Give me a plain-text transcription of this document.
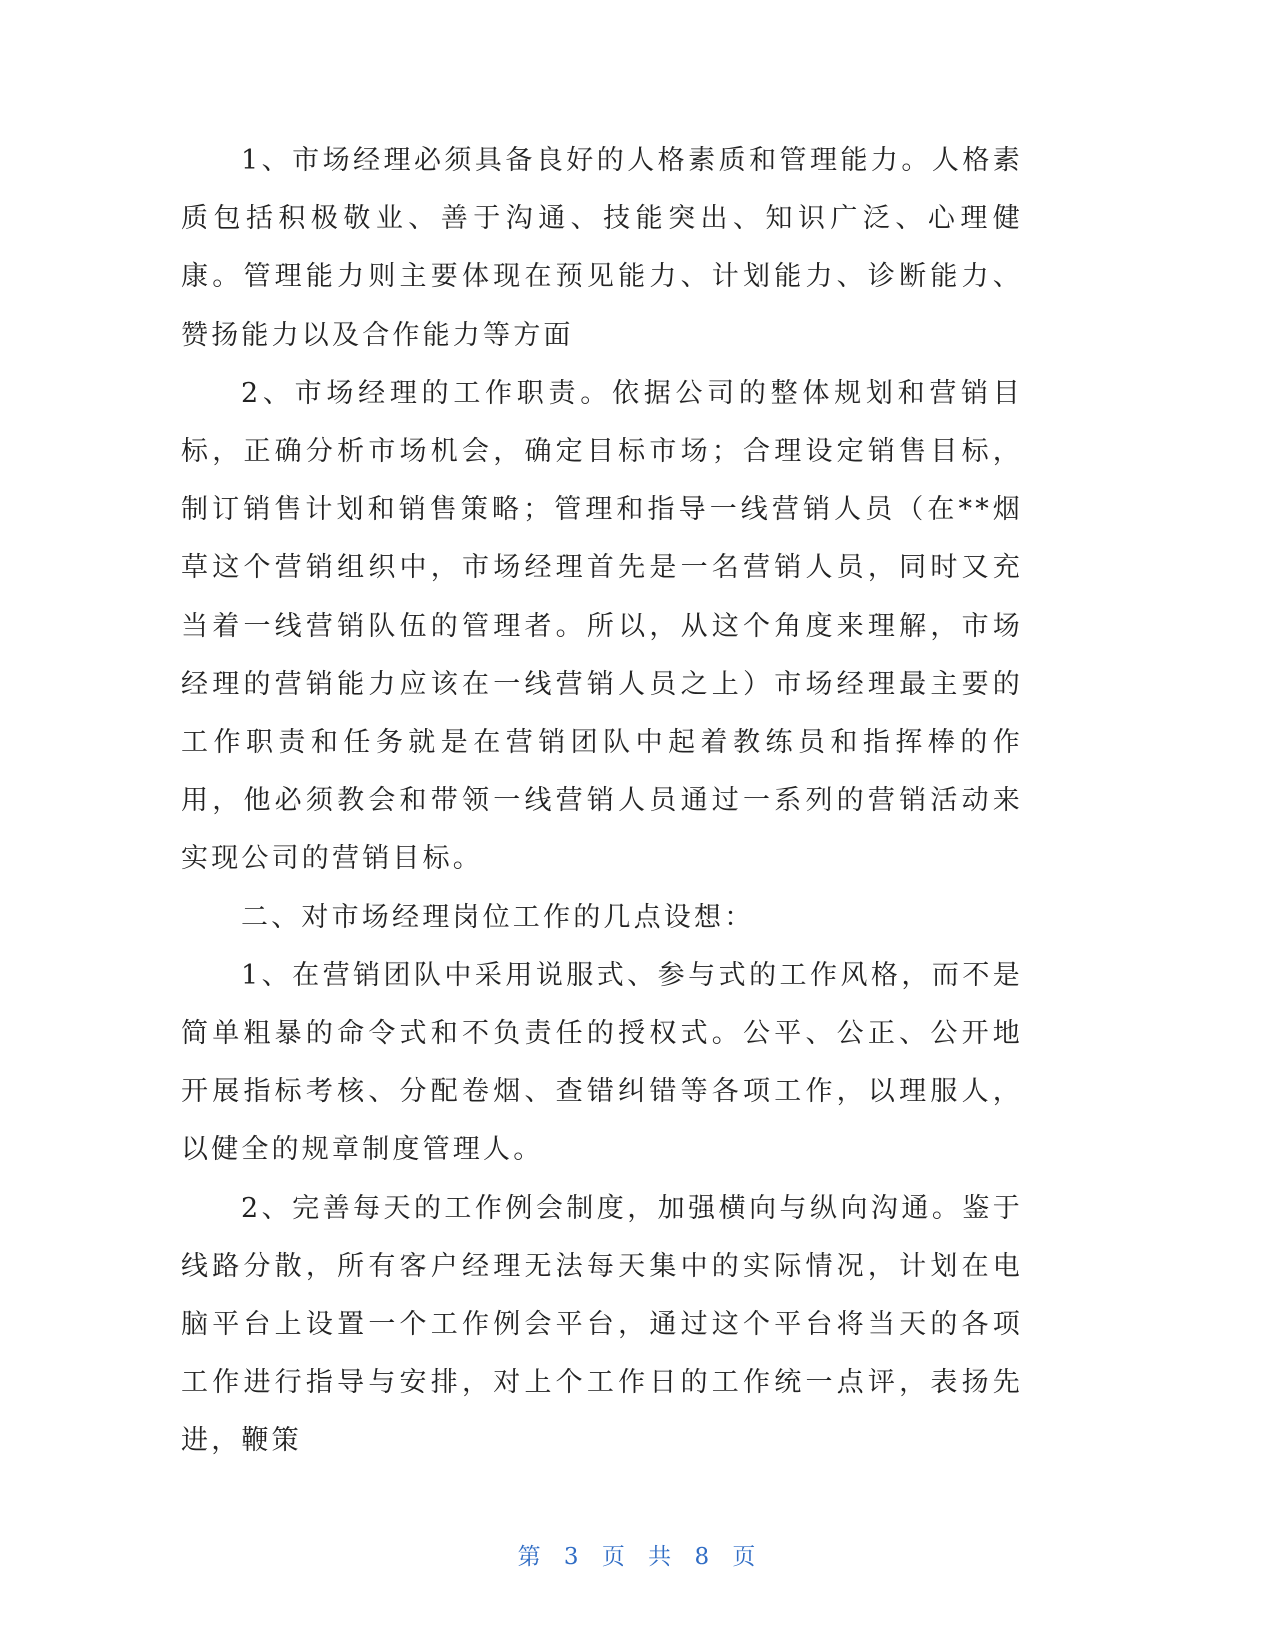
1、市场经理必须具备良好的人格素质和管理能力。人格素质包括积极敬业、善于沟通、技能突出、知识广泛、心理健康。管理能力则主要体现在预见能力、计划能力、诊断能力、赞扬能力以及合作能力等方面

2、市场经理的工作职责。依据公司的整体规划和营销目标，正确分析市场机会，确定目标市场；合理设定销售目标，制订销售计划和销售策略；管理和指导一线营销人员（在**烟草这个营销组织中，市场经理首先是一名营销人员，同时又充当着一线营销队伍的管理者。所以，从这个角度来理解，市场经理的营销能力应该在一线营销人员之上）市场经理最主要的工作职责和任务就是在营销团队中起着教练员和指挥棒的作用，他必须教会和带领一线营销人员通过一系列的营销活动来实现公司的营销目标。

二、对市场经理岗位工作的几点设想：

1、在营销团队中采用说服式、参与式的工作风格，而不是简单粗暴的命令式和不负责任的授权式。公平、公正、公开地开展指标考核、分配卷烟、查错纠错等各项工作，以理服人，以健全的规章制度管理人。

2、完善每天的工作例会制度，加强横向与纵向沟通。鉴于线路分散，所有客户经理无法每天集中的实际情况，计划在电脑平台上设置一个工作例会平台，通过这个平台将当天的各项工作进行指导与安排，对上个工作日的工作统一点评，表扬先进，鞭策

第 3 页 共 8 页
